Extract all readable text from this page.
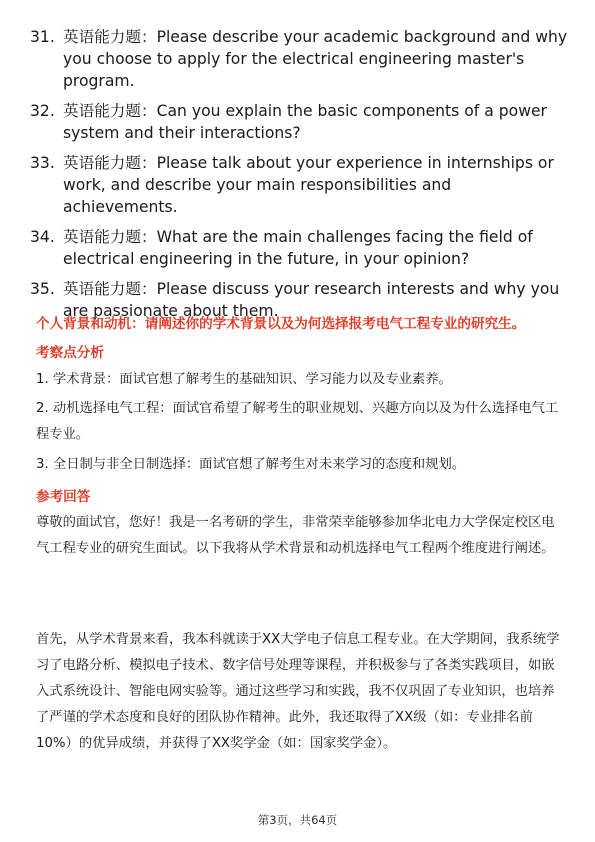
31. 英语能力题：Please describe your academic background and why you choose to apply for the electrical engineering master's program.
32. 英语能力题：Can you explain the basic components of a power system and their interactions?
33. 英语能力题：Please talk about your experience in internships or work, and describe your main responsibilities and achievements.
34. 英语能力题：What are the main challenges facing the field of electrical engineering in the future, in your opinion?
35. 英语能力题：Please discuss your research interests and why you are passionate about them.
个人背景和动机：请阐述你的学术背景以及为何选择报考电气工程专业的研究生。
考察点分析
1. 学术背景：面试官想了解考生的基础知识、学习能力以及专业素养。
2. 动机选择电气工程：面试官希望了解考生的职业规划、兴趣方向以及为什么选择电气工程专业。
3. 全日制与非全日制选择：面试官想了解考生对未来学习的态度和规划。
参考回答
尊敬的面试官，您好！我是一名考研的学生，非常荣幸能够参加华北电力大学保定校区电气工程专业的研究生面试。以下我将从学术背景和动机选择电气工程两个维度进行阐述。
首先，从学术背景来看，我本科就读于XX大学电子信息工程专业。在大学期间，我系统学习了电路分析、模拟电子技术、数字信号处理等课程，并积极参与了各类实践项目，如嵌入式系统设计、智能电网实验等。通过这些学习和实践，我不仅巩固了专业知识，也培养了严谨的学术态度和良好的团队协作精神。此外，我还取得了XX级（如：专业排名前10%）的优异成绩，并获得了XX奖学金（如：国家奖学金）。
第3页，共64页
